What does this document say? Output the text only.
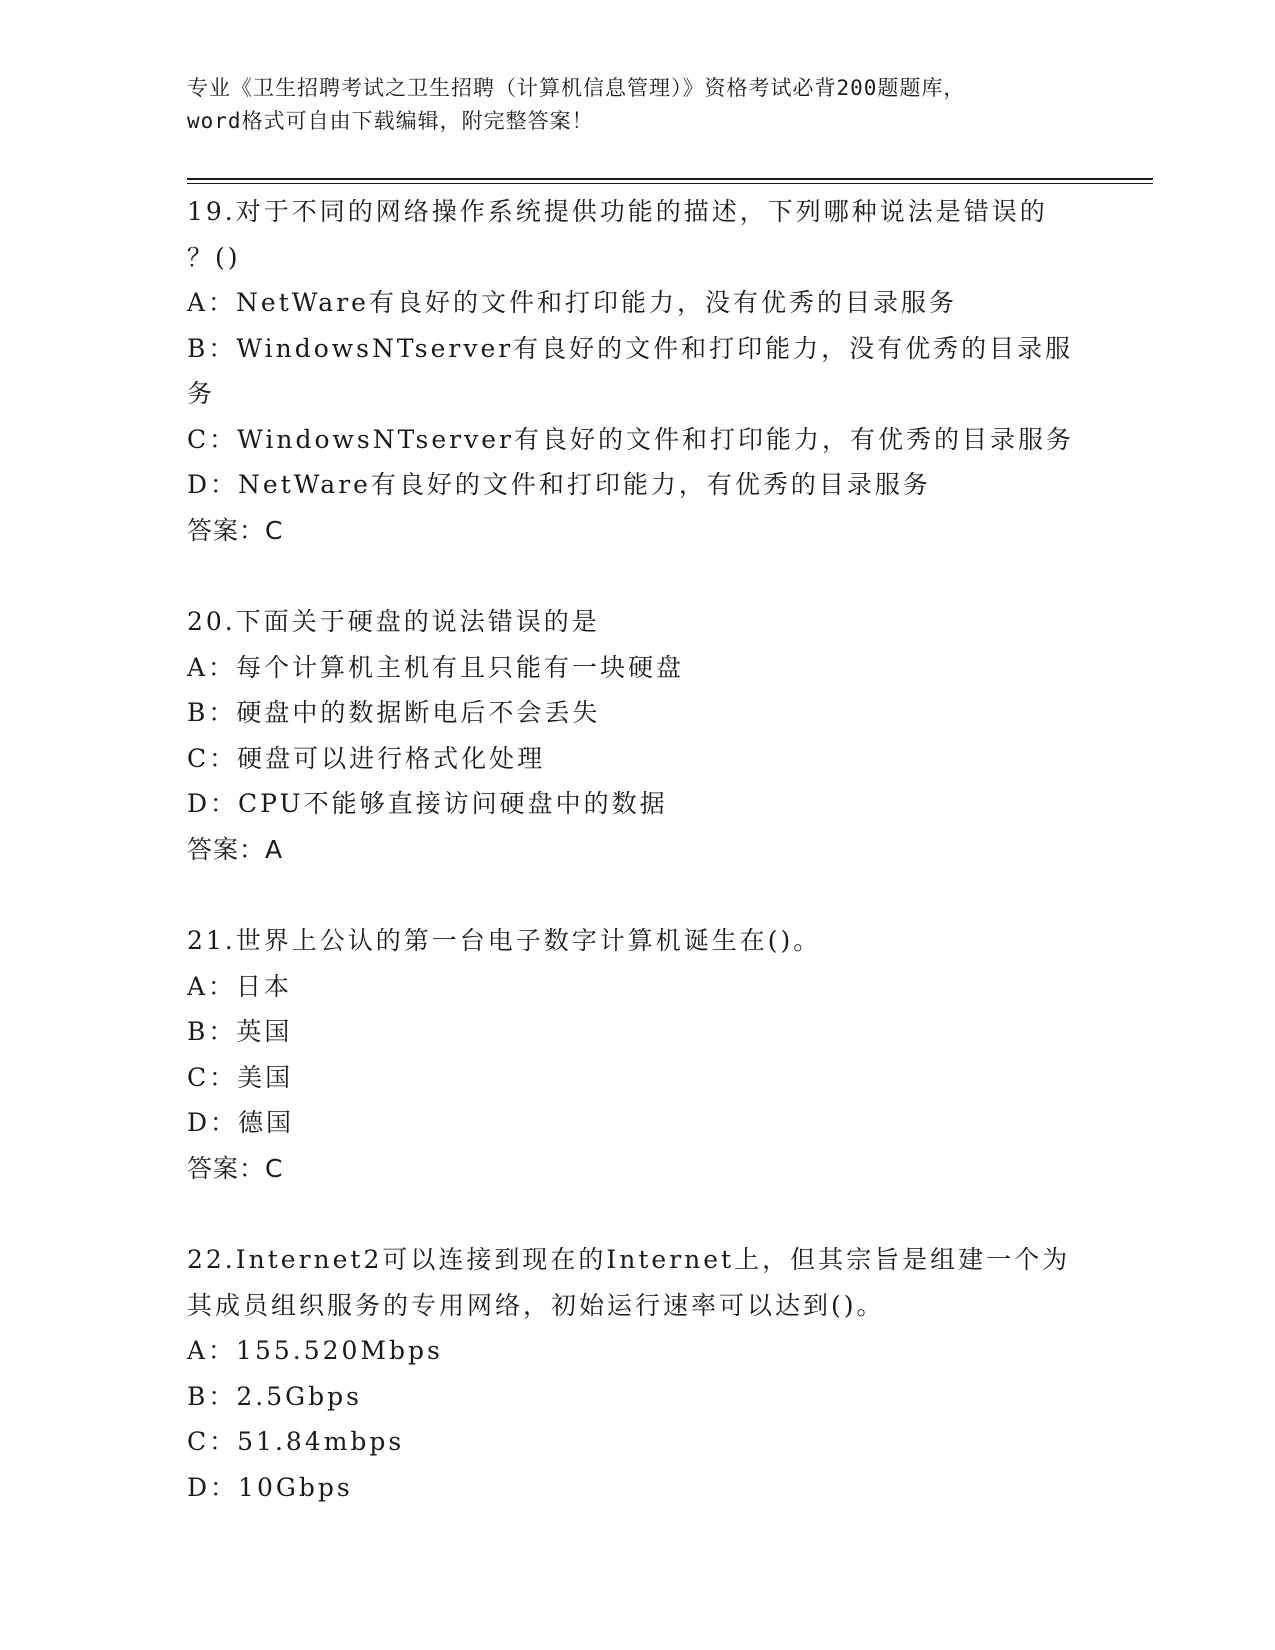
专业《卫生招聘考试之卫生招聘（计算机信息管理）》资格考试必背200题题库，
word格式可自由下载编辑，附完整答案！

19.对于不同的网络操作系统提供功能的描述，下列哪种说法是错误的

？()

A：NetWare有良好的文件和打印能力，没有优秀的目录服务

B：WindowsNTserver有良好的文件和打印能力，没有优秀的目录服务

C：WindowsNTserver有良好的文件和打印能力，有优秀的目录服务

D：NetWare有良好的文件和打印能力，有优秀的目录服务

答案：C

20.下面关于硬盘的说法错误的是

A：每个计算机主机有且只能有一块硬盘

B：硬盘中的数据断电后不会丢失

C：硬盘可以进行格式化处理

D：CPU不能够直接访问硬盘中的数据

答案：A

21.世界上公认的第一台电子数字计算机诞生在()。

A：日本

B：英国

C：美国

D：德国

答案：C

22.Internet2可以连接到现在的Internet上，但其宗旨是组建一个为

其成员组织服务的专用网络，初始运行速率可以达到()。

A：155.520Mbps

B：2.5Gbps

C：51.84mbps

D：10Gbps
